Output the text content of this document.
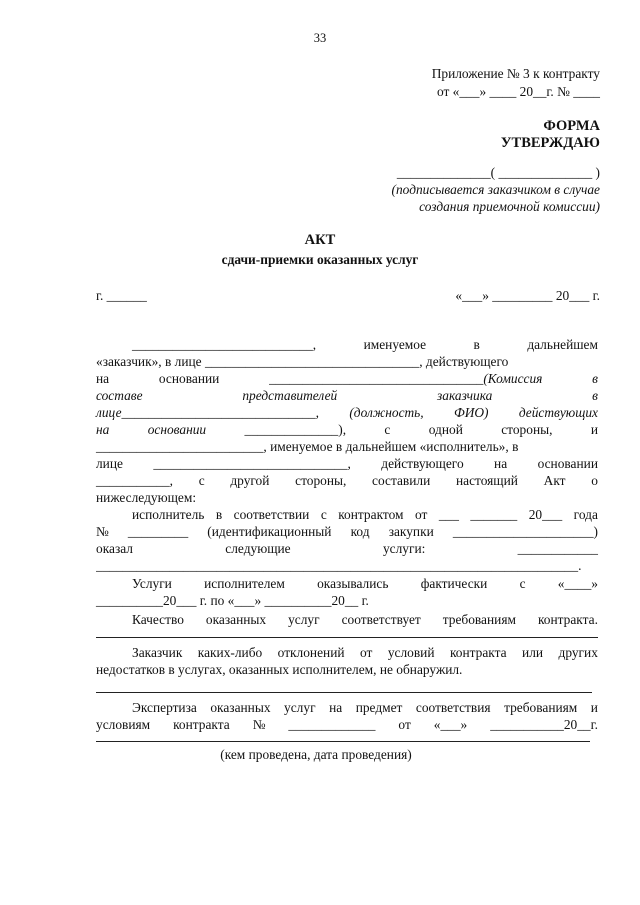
33
Приложение № 3 к контракту
от «___» ____ 20__г. № ____
ФОРМА
УТВЕРЖДАЮ
______________( ______________ )
(подписывается заказчиком в случае
создания приемочной комиссии)
АКТ
сдачи-приемки оказанных услуг
г. ______	«___» _________ 20___ г.
___________________________,	именуемое	в	дальнейшем
«заказчик», в лице ________________________________, действующего
на	основании	________________________________(Комиссия	в
составе	представителей	заказчика	в
лице_____________________________, (должность, ФИО) действующих
на	основании	______________),	с	одной	стороны,	и
_________________________, именуемое в дальнейшем «исполнитель», в
лице _____________________________, действующего на основании
___________, с другой стороны, составили настоящий Акт о
нижеследующем:
исполнитель в соответствии с контрактом от ___ _______ 20___ года
№ _________ (идентификационный код закупки _____________________)
оказал	следующие	услуги:	____________
________________________________________________________________________.
Услуги исполнителем оказывались фактически с «____»
__________20___ г. по «___» __________20__ г.
Качество оказанных услуг соответствует требованиям контракта.
Заказчик каких-либо отклонений от условий контракта или других
недостатков в услугах, оказанных исполнителем, не обнаружил.
Экспертиза оказанных услуг на предмет соответствия требованиям и
условиям контракта № _____________ от «___» ___________20__г.
(кем проведена, дата проведения)
